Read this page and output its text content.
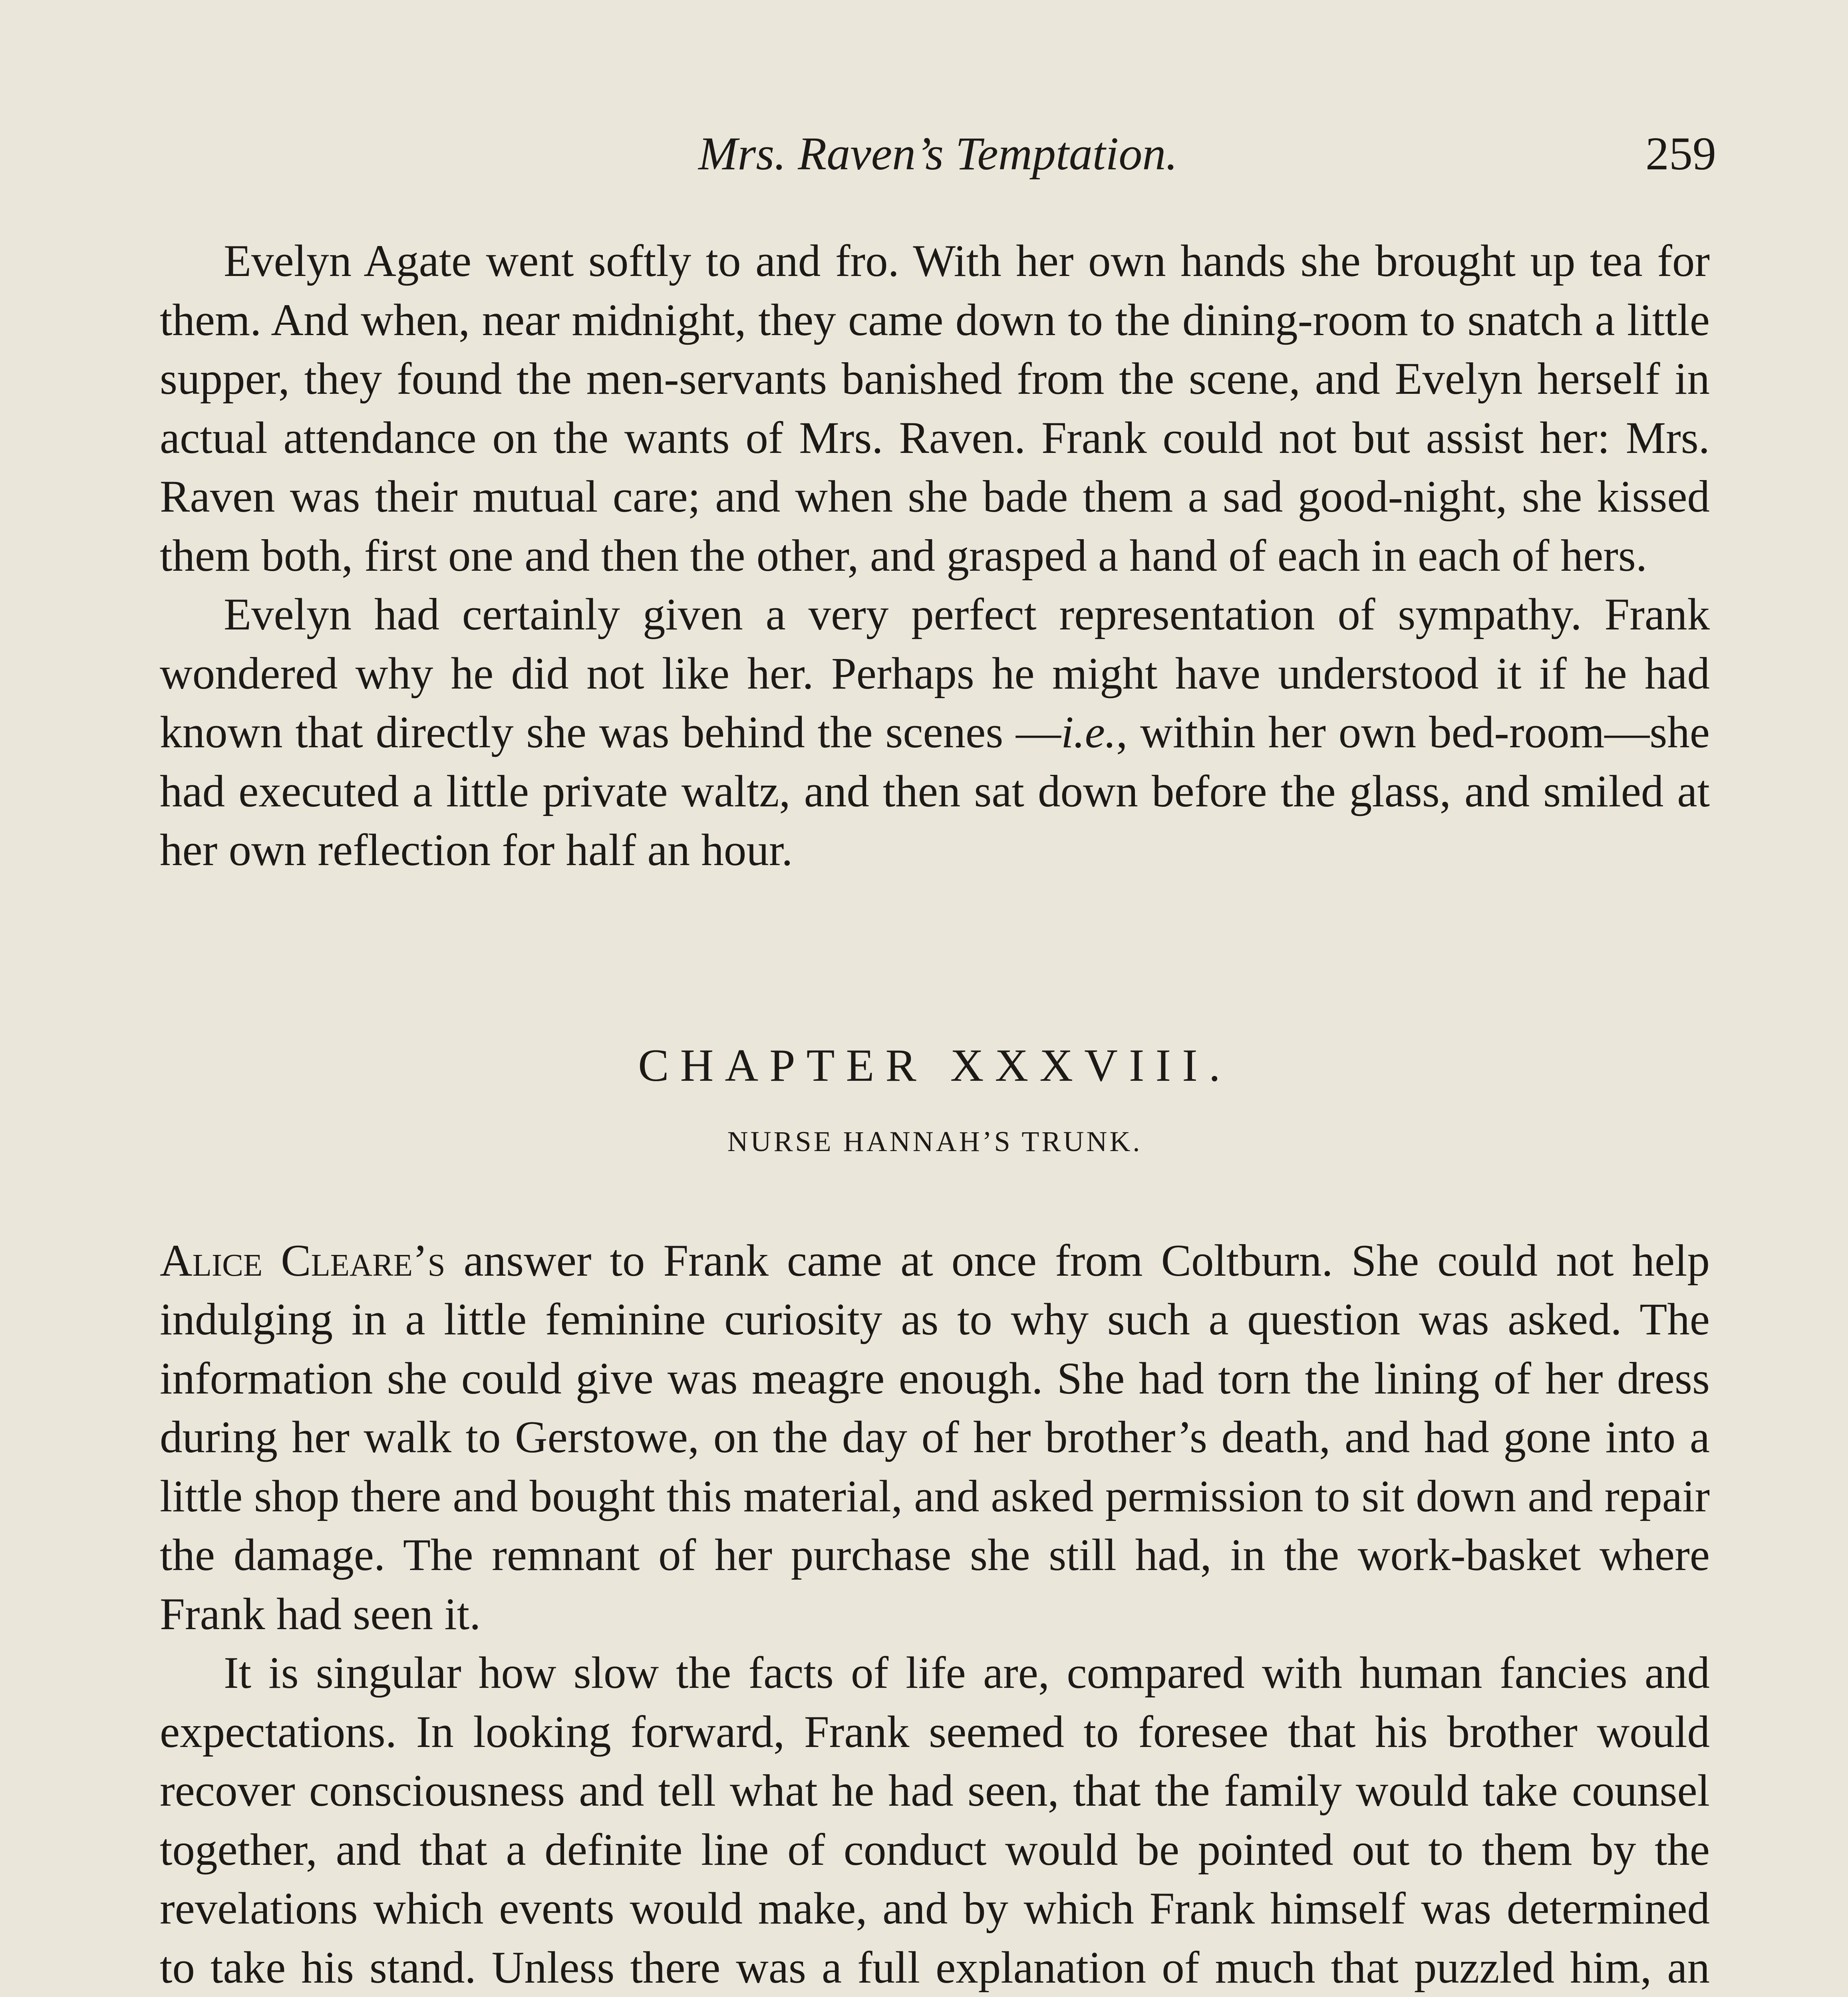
Mrs. Raven’s Temptation.	259

Evelyn Agate went softly to and fro. With her own hands she brought up tea for them. And when, near midnight, they came down to the dining-room to snatch a little supper, they found the men-servants banished from the scene, and Evelyn herself in actual attendance on the wants of Mrs. Raven. Frank could not but assist her: Mrs. Raven was their mutual care; and when she bade them a sad good-night, she kissed them both, first one and then the other, and grasped a hand of each in each of hers.

Evelyn had certainly given a very perfect representation of sympathy. Frank wondered why he did not like her. Perhaps he might have understood it if he had known that directly she was behind the scenes —i.e., within her own bed-room—she had executed a little private waltz, and then sat down before the glass, and smiled at her own reflection for half an hour.

CHAPTER XXXVIII.
NURSE HANNAH’S TRUNK.

Alice Cleare’s answer to Frank came at once from Coltburn. She could not help indulging in a little feminine curiosity as to why such a question was asked. The information she could give was meagre enough. She had torn the lining of her dress during her walk to Gerstowe, on the day of her brother’s death, and had gone into a little shop there and bought this material, and asked permission to sit down and repair the damage. The remnant of her purchase she still had, in the work-basket where Frank had seen it.

It is singular how slow the facts of life are, compared with human fancies and expectations. In looking forward, Frank seemed to foresee that his brother would recover consciousness and tell what he had seen, that the family would take counsel together, and that a definite line of conduct would be pointed out to them by the revelations which events would make, and by which Frank himself was determined to take his stand. Unless there was a full explanation of much that puzzled him, an
